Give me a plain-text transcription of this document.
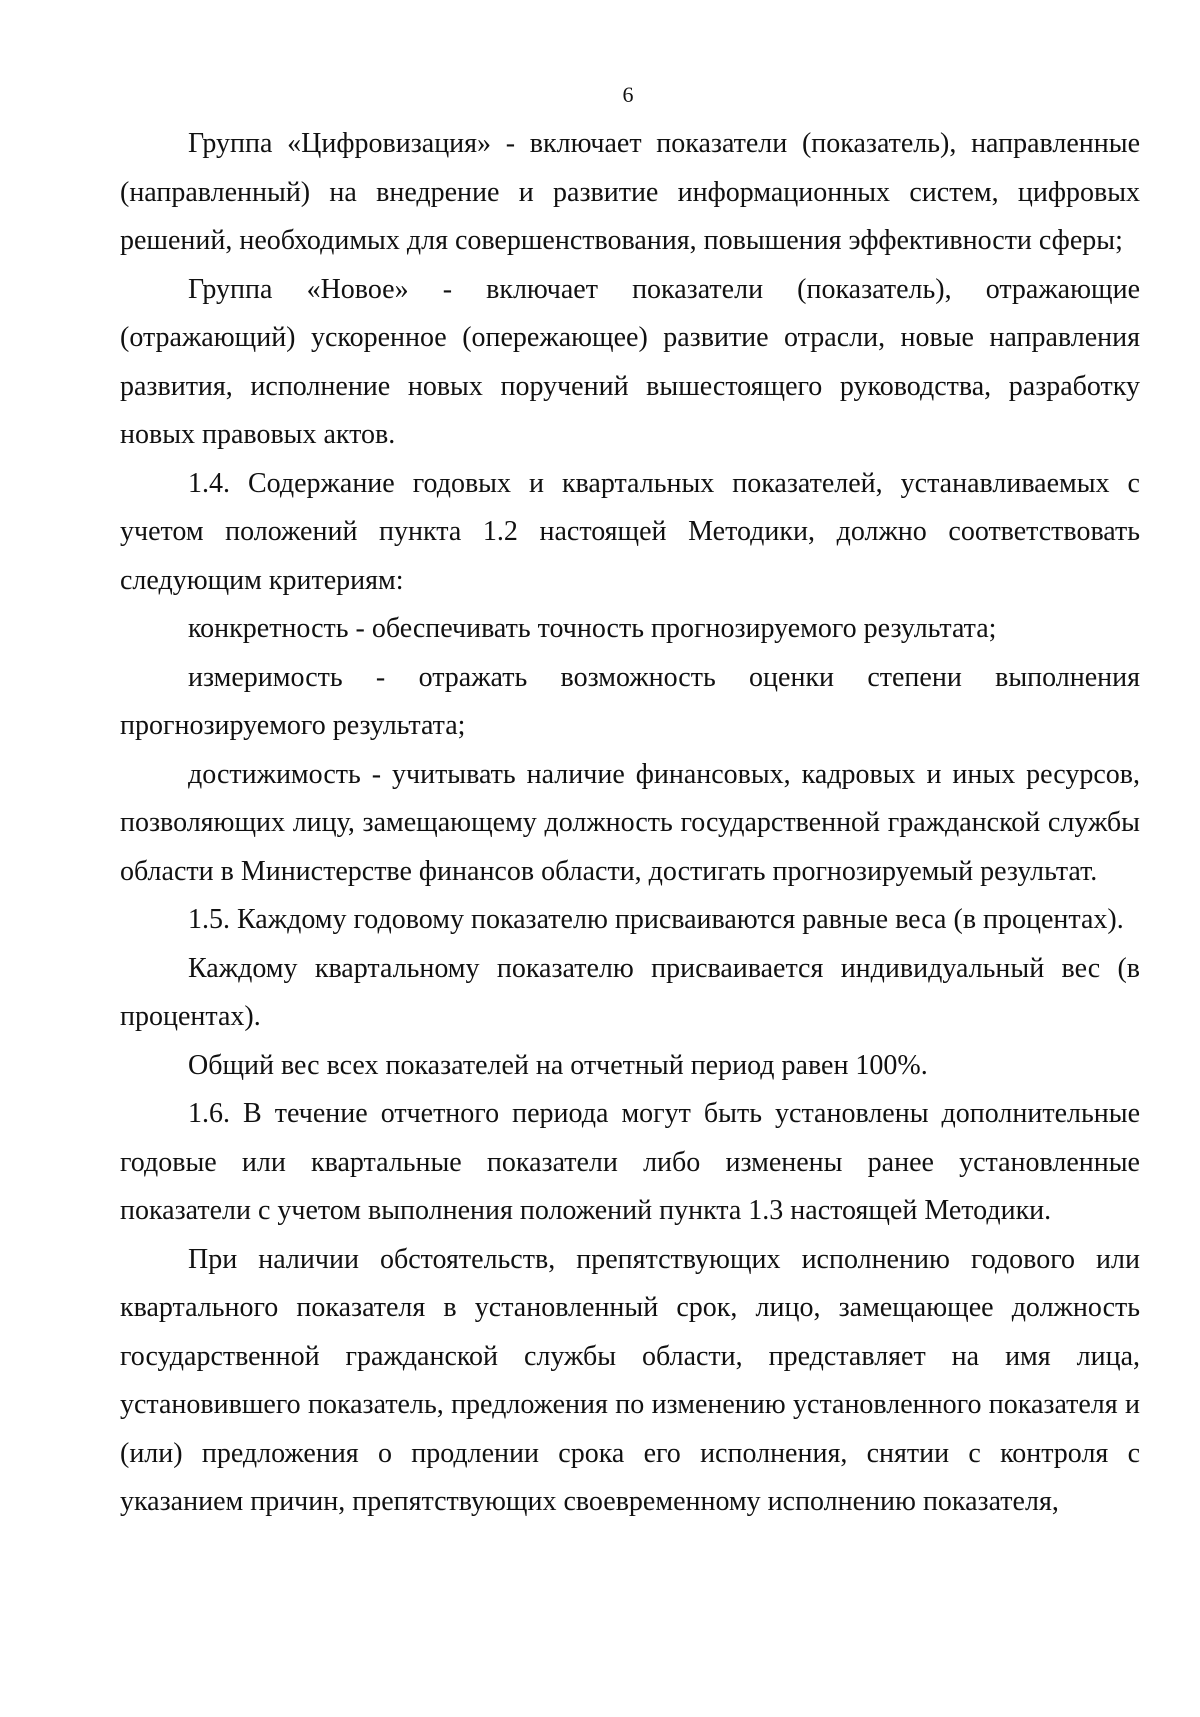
6

Группа «Цифровизация» - включает показатели (показатель), направленные (направленный) на внедрение и развитие информационных систем, цифровых решений, необходимых для совершенствования, повышения эффективности сферы;

Группа «Новое» - включает показатели (показатель), отражающие (отражающий) ускоренное (опережающее) развитие отрасли, новые направления развития, исполнение новых поручений вышестоящего руководства, разработку новых правовых актов.

1.4. Содержание годовых и квартальных показателей, устанавливаемых с учетом положений пункта 1.2 настоящей Методики, должно соответствовать следующим критериям:

конкретность - обеспечивать точность прогнозируемого результата;

измеримость - отражать возможность оценки степени выполнения прогнозируемого результата;

достижимость - учитывать наличие финансовых, кадровых и иных ресурсов, позволяющих лицу, замещающему должность государственной гражданской службы области в Министерстве финансов области, достигать прогнозируемый результат.

1.5. Каждому годовому показателю присваиваются равные веса (в процентах).

Каждому квартальному показателю присваивается индивидуальный вес (в процентах).

Общий вес всех показателей на отчетный период равен 100%.

1.6. В течение отчетного периода могут быть установлены дополнительные годовые или квартальные показатели либо изменены ранее установленные показатели с учетом выполнения положений пункта 1.3 настоящей Методики.

При наличии обстоятельств, препятствующих исполнению годового или квартального показателя в установленный срок, лицо, замещающее должность государственной гражданской службы области, представляет на имя лица, установившего показатель, предложения по изменению установленного показателя и (или) предложения о продлении срока его исполнения, снятии с контроля с указанием причин, препятствующих своевременному исполнению показателя,
